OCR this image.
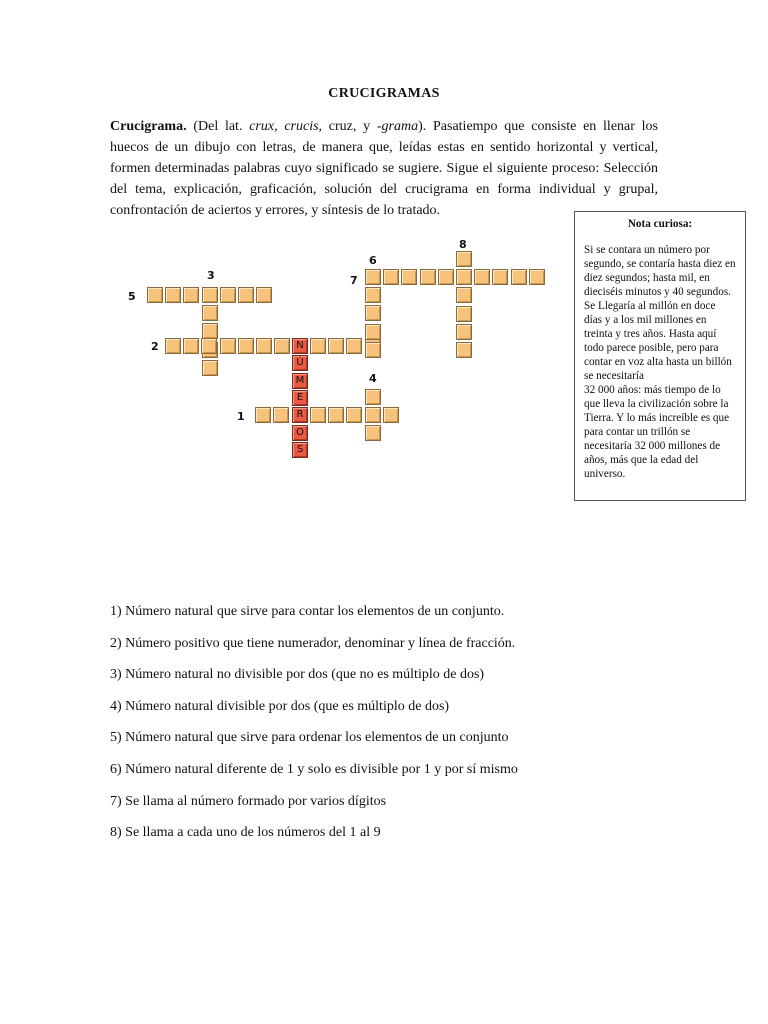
CRUCIGRAMAS

Crucigrama. (Del lat. crux, crucis, cruz, y -grama). Pasatiempo que consiste en llenar los huecos de un dibujo con letras, de manera que, leídas estas en sentido horizontal y vertical, formen determinadas palabras cuyo significado se sugiere. Sigue el siguiente proceso: Selección del tema, explicación, graficación, solución del crucigrama en forma individual y grupal, confrontación de aciertos y errores, y síntesis de lo tratado.

Nota curiosa:

Si se contara un número por segundo, se contaría hasta diez en diez segundos; hasta mil, en dieciséis minutos y 40 segundos. Se Llegaría al millón en doce días y a los mil millones en treinta y tres años. Hasta aquí todo parece posible, pero para contar en voz alta hasta un billón se necesitaría

32 000 años: más tiempo de lo que lleva la civilización sobre la Tierra. Y lo más increíble es que para contar un trillón se necesitaría 32 000 millones de años, más que la edad del universo.

1
2
3
4
5
6
7
8
N
Ú
M
E
R
O
S
1) Número natural que sirve para contar los elementos de un conjunto.
2) Número positivo que tiene numerador, denominar y línea de fracción.
3) Número natural no divisible por dos (que no es múltiplo de dos)
4) Número natural divisible por dos (que es múltiplo de dos)
5) Número natural que sirve para ordenar los elementos de un conjunto
6) Número natural diferente de 1 y solo es divisible por 1 y por sí mismo
7) Se llama al número formado por varios dígitos
8) Se llama a cada uno de los números del 1 al 9
